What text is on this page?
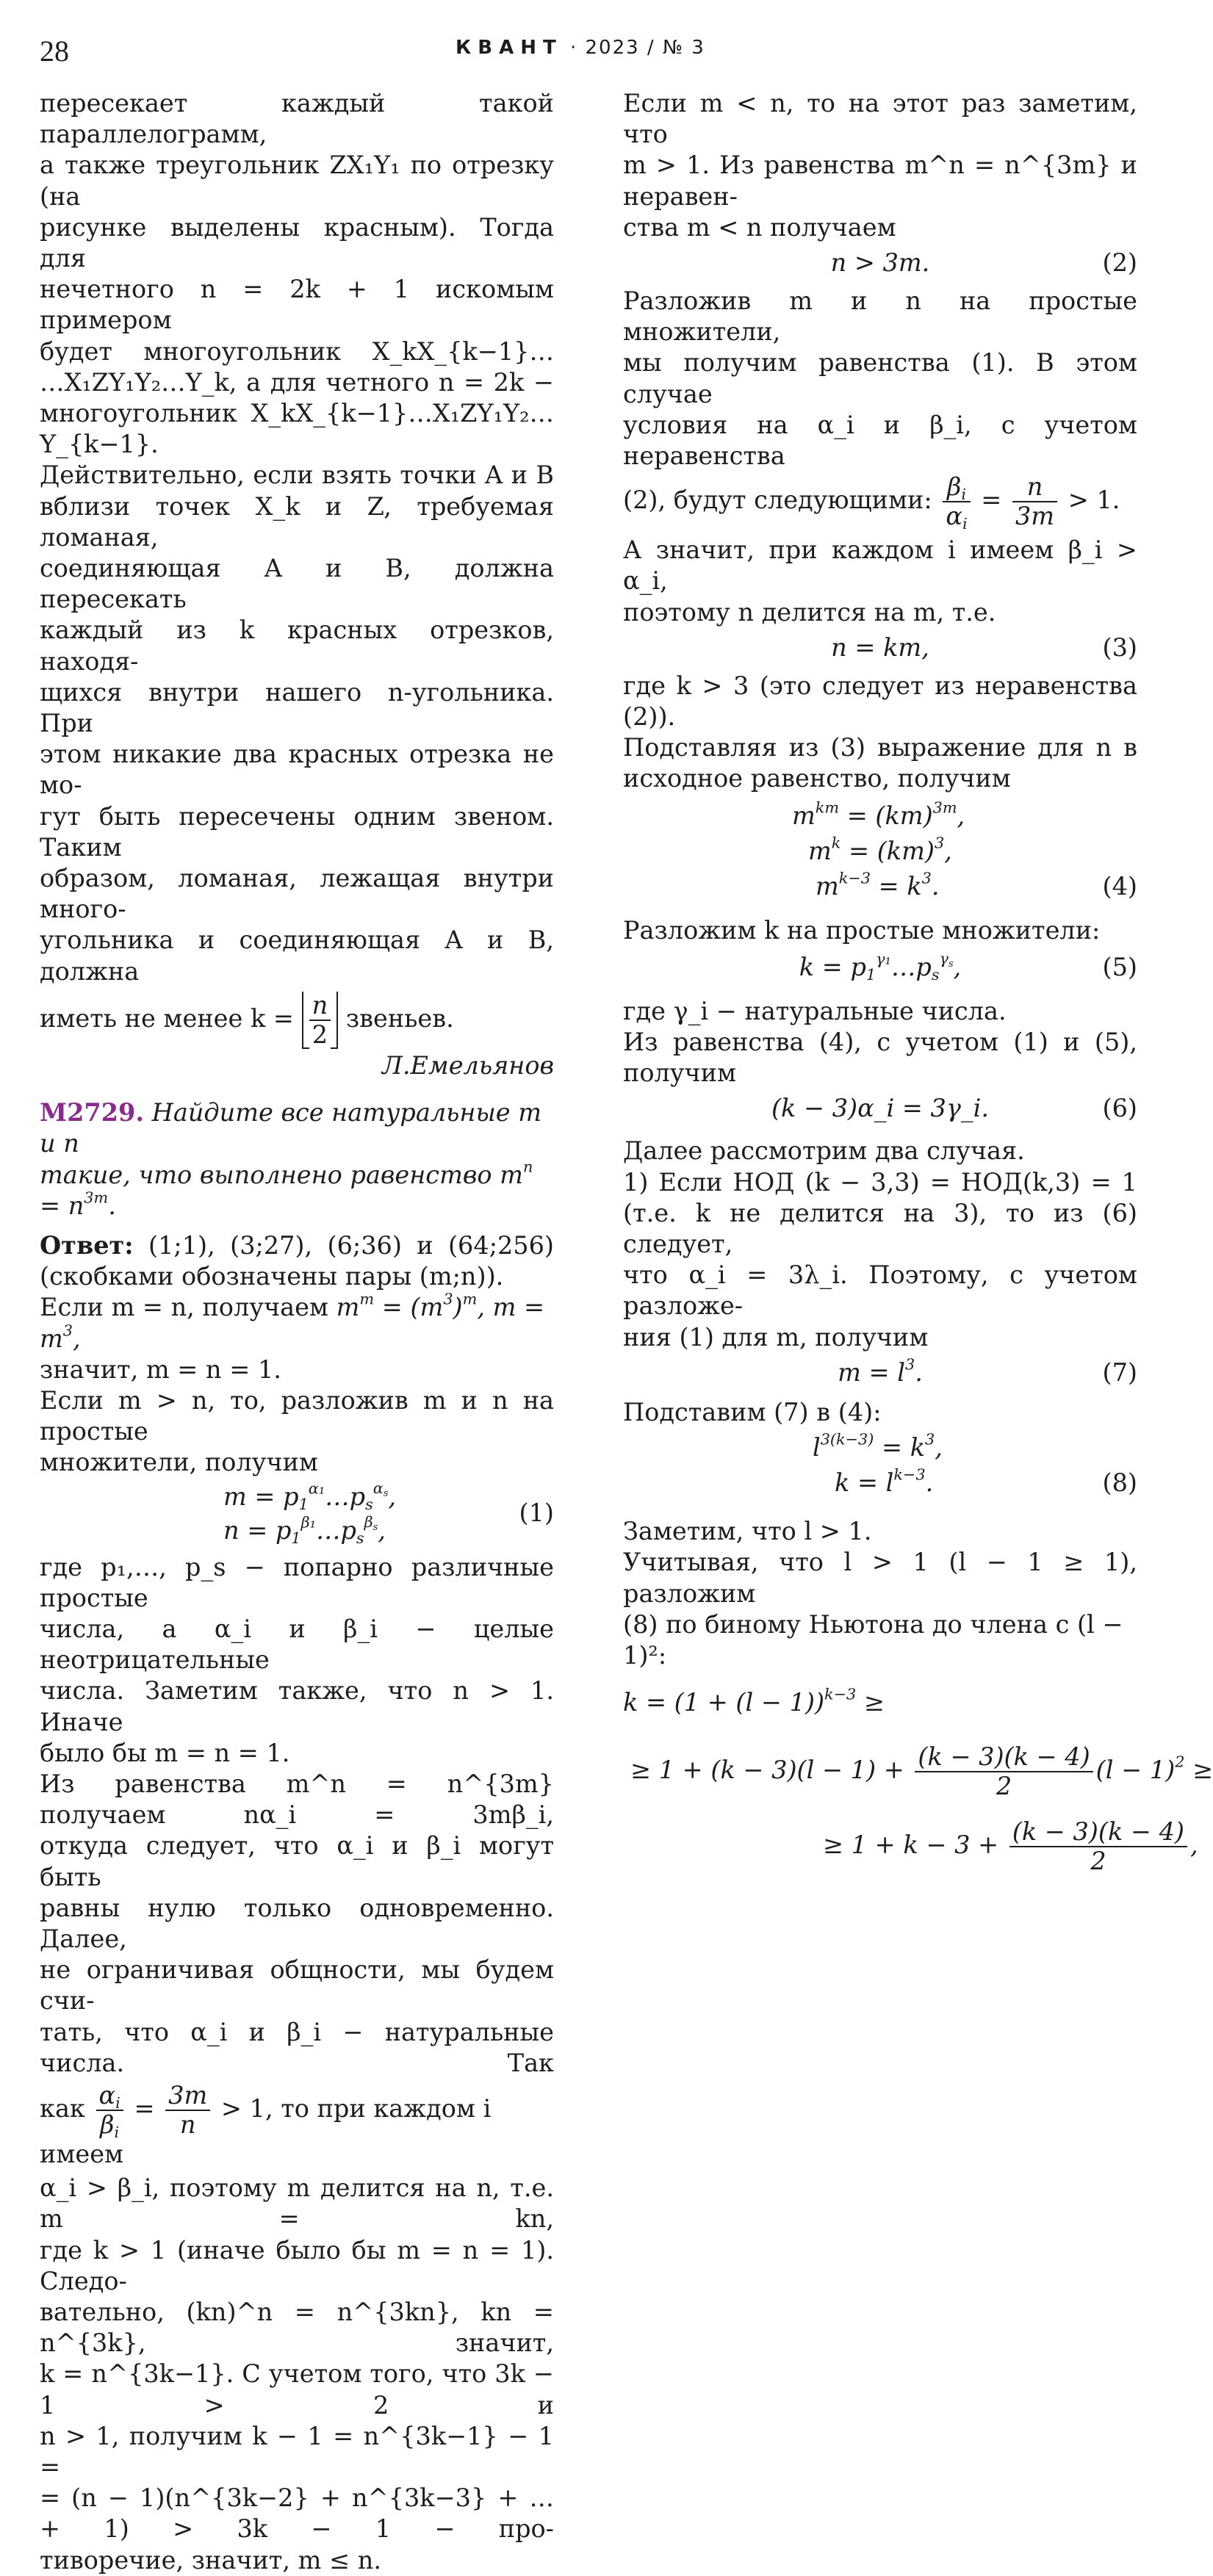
28	КВАНТ · 2023 / № 3

пересекает каждый такой параллелограмм,

а также треугольник ZX₁Y₁ по отрезку (на

рисунке выделены красным). Тогда для

нечетного n = 2k + 1 искомым примером

будет многоугольник X_kX_{k−1}…

…X₁ZY₁Y₂…Y_k, а для четного n = 2k −

многоугольник X_kX_{k−1}…X₁ZY₁Y₂…Y_{k−1}.

Действительно, если взять точки A и B

вблизи точек X_k и Z, требуемая ломаная,

соединяющая A и B, должна пересекать

каждый из k красных отрезков, находя-

щихся внутри нашего n-угольника. При

этом никакие два красных отрезка не мо-

гут быть пересечены одним звеном. Таким

образом, ломаная, лежащая внутри много-

угольника и соединяющая A и B, должна

иметь не менее $k = \frac{n}{2}$ звеньев.

Л.Емельянов

М2729. Найдите все натуральные m и n

такие, что выполнено равенство $m^n = n^{3m}$.

Ответ: (1;1), (3;27), (6;36) и (64;256)

(скобками обозначены пары (m;n)).

Если m = n, получаем $m^m = (m^3)^m$, $m = m^3$,

значит, m = n = 1.

Если m > n, то, разложив m и n на простые

множители, получим

$m = p_1^{\alpha_1}\dots p_s^{\alpha_s}$,
$n = p_1^{\beta_1}\dots p_s^{\beta_s}$,
(1)

где p₁,…, p_s − попарно различные простые

числа, а α_i и β_i − целые неотрицательные

числа. Заметим также, что n > 1. Иначе

было бы m = n = 1.

Из равенства m^n = n^{3m} получаем nα_i = 3mβ_i,

откуда следует, что α_i и β_i могут быть

равны нулю только одновременно. Далее,

не ограничивая общности, мы будем счи-

тать, что α_i и β_i − натуральные числа. Так

как $\frac{\alpha_i}{\beta_i} = \frac{3m}{n} > 1$, то при каждом i имеем

α_i > β_i, поэтому m делится на n, т.е. m = kn,

где k > 1 (иначе было бы m = n = 1). Следо-

вательно, (kn)^n = n^{3kn}, kn = n^{3k}, значит,

k = n^{3k−1}. С учетом того, что 3k − 1 > 2 и

n > 1, получим k − 1 = n^{3k−1} − 1 =

= (n − 1)(n^{3k−2} + n^{3k−3} + … + 1) > 3k − 1 − про-

тиворечие, значит, m ≤ n.

Если m < n, то на этот раз заметим, что

m > 1. Из равенства m^n = n^{3m} и неравен-

ства m < n получаем

n > 3m.	(2)

Разложив m и n на простые множители,

мы получим равенства (1). В этом случае

условия на α_i и β_i, с учетом неравенства

(2), будут следующими: $\frac{\beta_i}{\alpha_i} = \frac{n}{3m} > 1$.

А значит, при каждом i имеем β_i > α_i,

поэтому n делится на m, т.е.

n = km,	(3)

где k > 3 (это следует из неравенства (2)).

Подставляя из (3) выражение для n в

исходное равенство, получим

$m^{km} = (km)^{3m}$,
$m^k = (km)^3$,
$m^{k-3} = k^3$.	(4)

Разложим k на простые множители:

$k = p_1^{\gamma_1}\dots p_s^{\gamma_s}$,	(5)

где γ_i − натуральные числа.

Из равенства (4), с учетом (1) и (5),

получим

(k − 3)α_i = 3γ_i.	(6)

Далее рассмотрим два случая.

1) Если НОД (k − 3,3) = НОД(k,3) = 1

(т.е. k не делится на 3), то из (6) следует,

что α_i = 3λ_i. Поэтому, с учетом разложе-

ния (1) для m, получим

$m = l^3$.	(7)

Подставим (7) в (4):

$l^{3(k-3)} = k^3$,
$k = l^{k-3}$.	(8)

Заметим, что l > 1.

Учитывая, что l > 1 (l − 1 ≥ 1), разложим

(8) по биному Ньютона до члена с (l − 1)²:

$k = (1 + (l - 1))^{k-3}$ ≥
≥ $1 + (k - 3)(l - 1) + \frac{(k - 3)(k - 4)}{2} (l - 1)^2$ ≥
≥ $1 + k - 3 + \frac{(k - 3)(k - 4)}{2}$ ,
